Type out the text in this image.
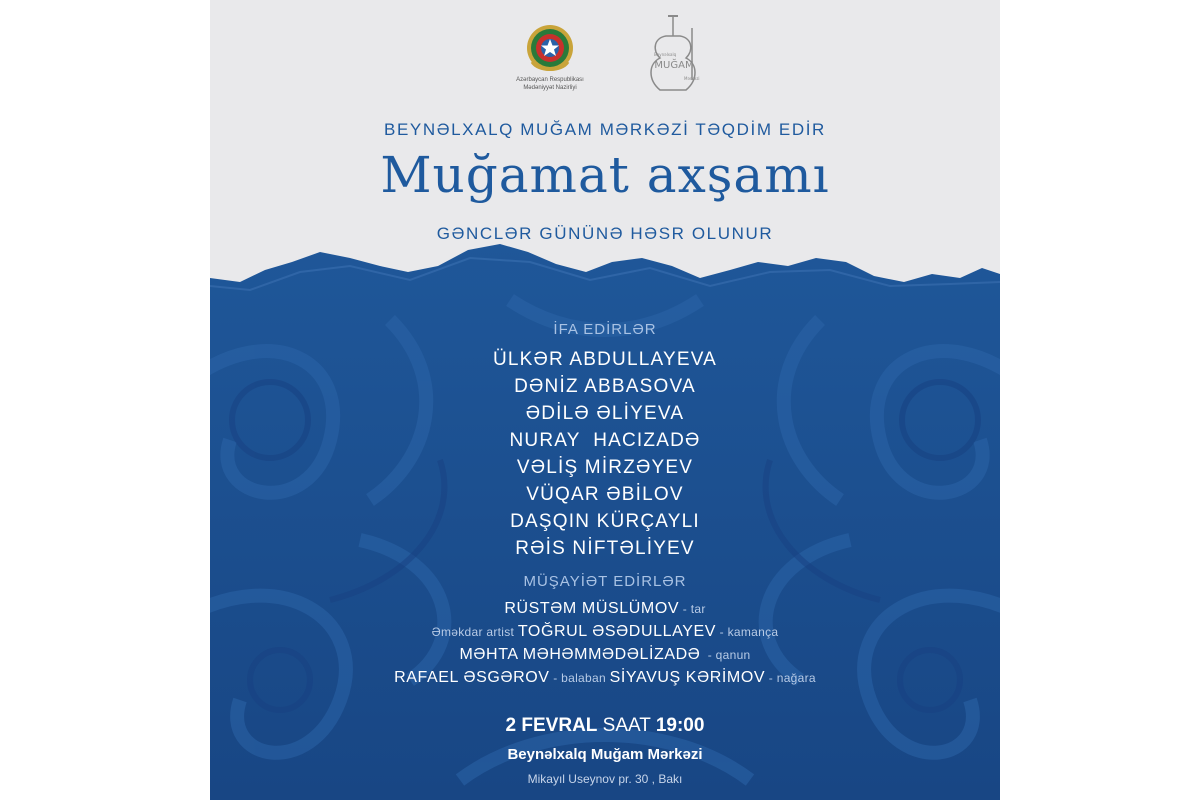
Azərbaycan Respublikası
Mədəniyyət Nazirliyi
MUĞAM
Beynəlxalq
Mərkəzi
BEYNƏLXALQ MUĞAM MƏRKƏZİ TƏQDİM EDİR
Muğamat axşamı
GƏNCLƏR GÜNÜNƏ HƏSR OLUNUR
İFA EDİRLƏR
ÜLKƏR ABDULLAYEVA
DƏNİZ ABBASOVA
ƏDİLƏ ƏLİYEVA
NURAY  HACIZADƏ
VƏLİŞ MİRZƏYEV
VÜQAR ƏBİLOV
DAŞQIN KÜRÇAYLI
RƏİS NİFTƏLİYEV
MÜŞAYİƏT EDİRLƏR
RÜSTƏM MÜSLÜMOV - tar
Əməkdar artist TOĞRUL ƏSƏDULLAYEV - kamança
MƏHTA MƏHƏMMƏDƏLİZADƏ  - qanun
RAFAEL ƏSGƏROV - balaban SİYAVUŞ KƏRİMOV - nağara
2 FEVRAL SAAT 19:00
Beynəlxalq Muğam Mərkəzi
Mikayıl Useynov pr. 30 , Bakı
